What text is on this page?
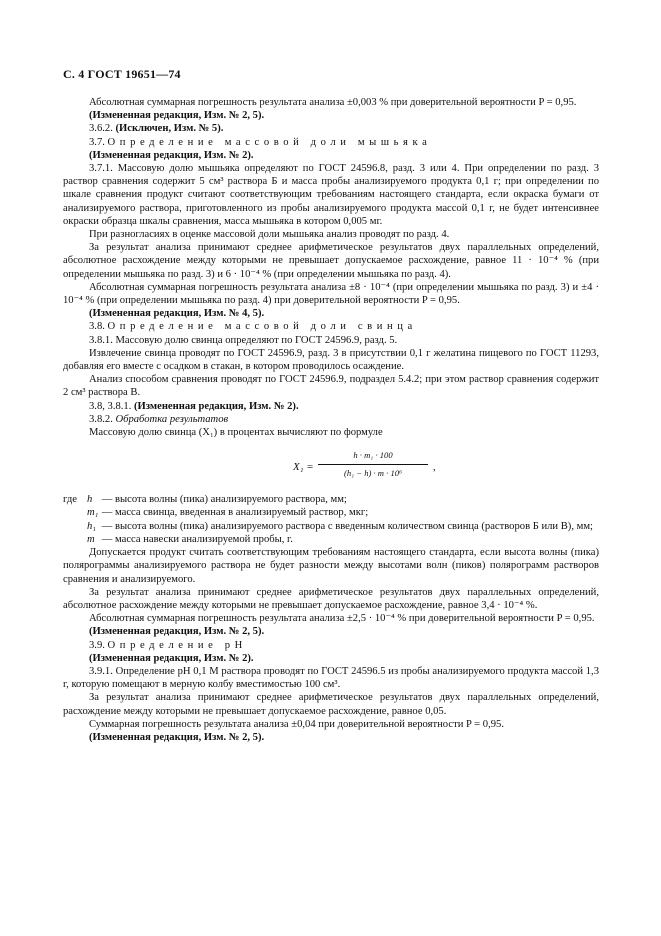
С. 4 ГОСТ 19651—74

Абсолютная суммарная погрешность результата анализа ±0,003 % при доверительной вероятности P = 0,95.

(Измененная редакция, Изм. № 2, 5).

3.6.2. (Исключен, Изм. № 5).

3.7. Определение массовой доли мышьяка

(Измененная редакция, Изм. № 2).

3.7.1. Массовую долю мышьяка определяют по ГОСТ 24596.8, разд. 3 или 4. При определении по разд. 3 раствор сравнения содержит 5 см³ раствора Б и масса пробы анализируемого продукта 0,1 г; при определении по шкале сравнения продукт считают соответствующим требованиям настоящего стандарта, если окраска бумаги от анализируемого раствора, приготовленного из пробы анализируемого продукта массой 0,1 г, не будет интенсивнее окраски образца шкалы сравнения, масса мышьяка в котором 0,005 мг.

При разногласиях в оценке массовой доли мышьяка анализ проводят по разд. 4.

За результат анализа принимают среднее арифметическое результатов двух параллельных определений, абсолютное расхождение между которыми не превышает допускаемое расхождение, равное 11 · 10⁻⁴ % (при определении мышьяка по разд. 3) и 6 · 10⁻⁴ % (при определении мышьяка по разд. 4).

Абсолютная суммарная погрешность результата анализа ±8 · 10⁻⁴ (при определении мышьяка по разд. 3) и ±4 · 10⁻⁴ % (при определении мышьяка по разд. 4) при доверительной вероятности P = 0,95.

(Измененная редакция, Изм. № 4, 5).

3.8. Определение массовой доли свинца

3.8.1. Массовую долю свинца определяют по ГОСТ 24596.9, разд. 5.

Извлечение свинца проводят по ГОСТ 24596.9, разд. 3 в присутствии 0,1 г желатина пищевого по ГОСТ 11293, добавляя его вместе с осадком в стакан, в котором проводилось осаждение.

Анализ способом сравнения проводят по ГОСТ 24596.9, подраздел 5.4.2; при этом раствор сравнения содержит 2 см³ раствора В.

3.8, 3.8.1. (Измененная редакция, Изм. № 2).

3.8.2. Обработка результатов

Массовую долю свинца (X₁) в процентах вычисляют по формуле

X₁ =
h · m₁ · 100
(h₁ − h) · m · 10⁶	,
где h — высота волны (пика) анализируемого раствора, мм;
m₁ — масса свинца, введенная в анализируемый раствор, мкг;
h₁ — высота волны (пика) анализируемого раствора с введенным количеством свинца (растворов Б или В), мм;
m — масса навески анализируемой пробы, г.

Допускается продукт считать соответствующим требованиям настоящего стандарта, если высота волны (пика) полярограммы анализируемого раствора не будет разности между высотами волн (пиков) полярограмм растворов сравнения и анализируемого.

За результат анализа принимают среднее арифметическое результатов двух параллельных определений, абсолютное расхождение между которыми не превышает допускаемое расхождение, равное 3,4 · 10⁻⁴ %.

Абсолютная суммарная погрешность результата анализа ±2,5 · 10⁻⁴ % при доверительной вероятности P = 0,95.

(Измененная редакция, Изм. № 2, 5).

3.9. Определение pH

(Измененная редакция, Изм. № 2).

3.9.1. Определение pH 0,1 М раствора проводят по ГОСТ 24596.5 из пробы анализируемого продукта массой 1,3 г, которую помещают в мерную колбу вместимостью 100 см³.

За результат анализа принимают среднее арифметическое результатов двух параллельных определений, расхождение между которыми не превышает допускаемое расхождение, равное 0,05.

Суммарная погрешность результата анализа ±0,04 при доверительной вероятности P = 0,95.

(Измененная редакция, Изм. № 2, 5).
